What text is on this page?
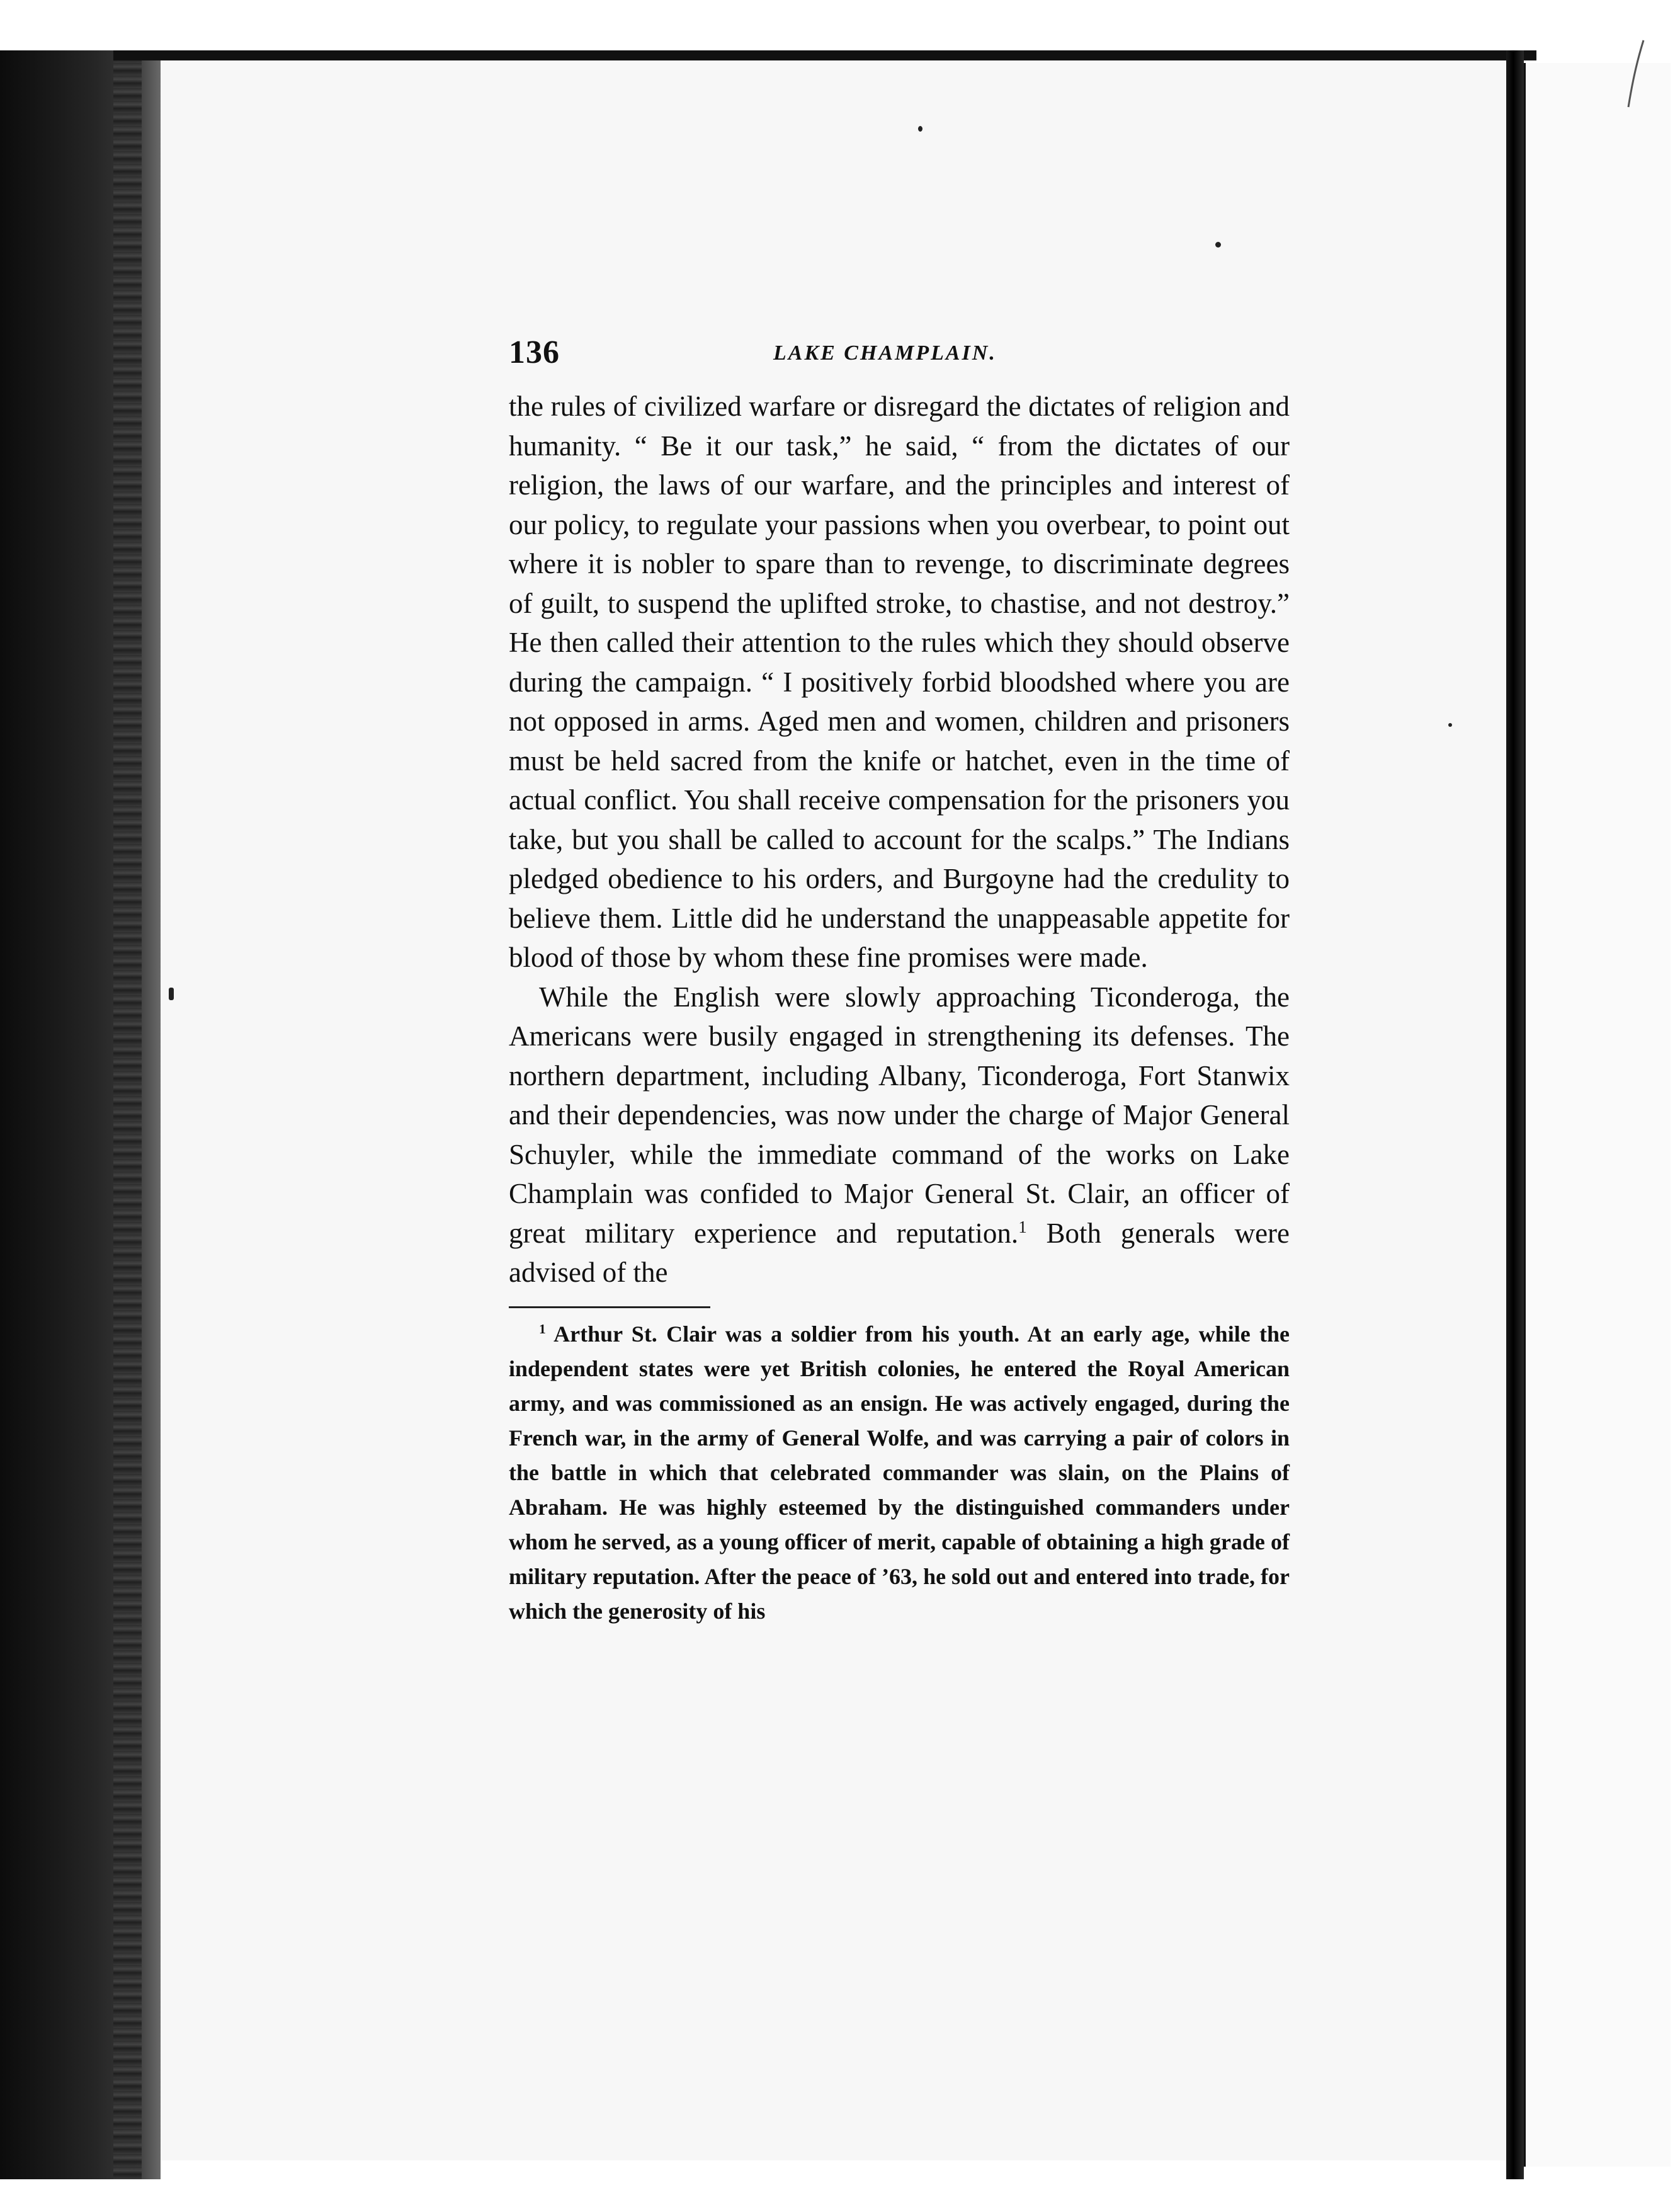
136	LAKE CHAMPLAIN.

the rules of civilized warfare or disregard the dictates of religion and humanity. “ Be it our task,” he said, “ from the dictates of our religion, the laws of our warfare, and the principles and interest of our policy, to regulate your passions when you overbear, to point out where it is nobler to spare than to revenge, to discriminate degrees of guilt, to suspend the uplifted stroke, to chastise, and not destroy.” He then called their attention to the rules which they should observe during the campaign. “ I positively forbid bloodshed where you are not opposed in arms. Aged men and women, children and prisoners must be held sacred from the knife or hatchet, even in the time of actual conflict. You shall receive compensation for the prisoners you take, but you shall be called to account for the scalps.” The Indians pledged obedience to his orders, and Burgoyne had the credulity to believe them. Little did he understand the unappeasable appetite for blood of those by whom these fine promises were made.

While the English were slowly approaching Ticonderoga, the Americans were busily engaged in strengthening its defenses. The northern department, including Albany, Ticonderoga, Fort Stanwix and their dependencies, was now under the charge of Major General Schuyler, while the immediate command of the works on Lake Champlain was confided to Major General St. Clair, an officer of great military experience and reputation.$^1$ Both generals were advised of the

$^1$ Arthur St. Clair was a soldier from his youth. At an early age, while the independent states were yet British colonies, he entered the Royal American army, and was commissioned as an ensign. He was actively engaged, during the French war, in the army of General Wolfe, and was carrying a pair of colors in the battle in which that celebrated commander was slain, on the Plains of Abraham. He was highly esteemed by the distinguished commanders under whom he served, as a young officer of merit, capable of obtaining a high grade of military reputation. After the peace of ’63, he sold out and entered into trade, for which the generosity of his
